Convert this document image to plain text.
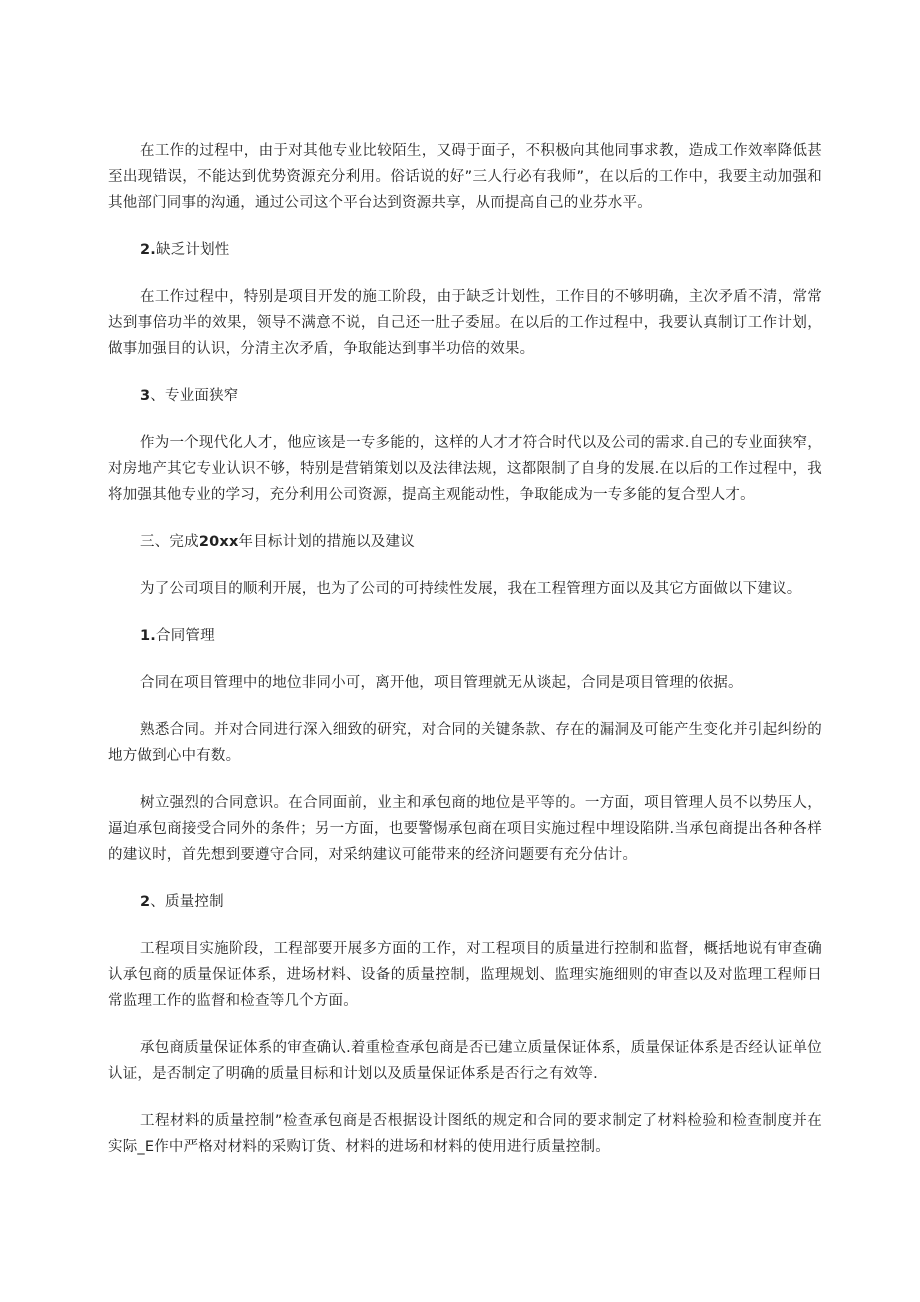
在工作的过程中，由于对其他专业比较陌生，又碍于面子，不积极向其他同事求教，造成工作效率降低甚至出现错误，不能达到优势资源充分利用。俗话说的好”三人行必有我师”，在以后的工作中，我要主动加强和其他部门同事的沟通，通过公司这个平台达到资源共享，从而提高自己的业芬水平。

2.缺乏计划性

在工作过程中，特别是项目开发的施工阶段，由于缺乏计划性，工作目的不够明确，主次矛盾不清，常常达到事倍功半的效果，领导不满意不说，自己还一肚子委屈。在以后的工作过程中，我要认真制订工作计划，做事加强目的认识，分清主次矛盾，争取能达到事半功倍的效果。

3、专业面狭窄

作为一个现代化人才，他应该是一专多能的，这样的人才才符合时代以及公司的需求.自己的专业面狭窄，对房地产其它专业认识不够，特别是营销策划以及法律法规，这都限制了自身的发展.在以后的工作过程中，我将加强其他专业的学习，充分利用公司资源，提高主观能动性，争取能成为一专多能的复合型人才。

三、完成20xx年目标计划的措施以及建议

为了公司项目的顺利开展，也为了公司的可持续性发展，我在工程管理方面以及其它方面做以下建议。

1.合同管理

合同在项目管理中的地位非同小可，离开他，项目管理就无从谈起，合同是项目管理的依据。

熟悉合同。并对合同进行深入细致的研究，对合同的关键条款、存在的漏洞及可能产生变化并引起纠纷的地方做到心中有数。

树立强烈的合同意识。在合同面前，业主和承包商的地位是平等的。一方面，项目管理人员不以势压人，逼迫承包商接受合同外的条件；另一方面，也要警惕承包商在项目实施过程中埋设陷阱.当承包商提出各种各样的建议时，首先想到要遵守合同，对采纳建议可能带来的经济问题要有充分估计。

2、质量控制

工程项目实施阶段，工程部要开展多方面的工作，对工程项目的质量进行控制和监督，概括地说有审查确认承包商的质量保证体系，进场材料、设备的质量控制，监理规划、监理实施细则的审查以及对监理工程师日常监理工作的监督和检查等几个方面。

承包商质量保证体系的审查确认.着重检查承包商是否已建立质量保证体系，质量保证体系是否经认证单位认证，是否制定了明确的质量目标和计划以及质量保证体系是否行之有效等.

工程材料的质量控制”检查承包商是否根据设计图纸的规定和合同的要求制定了材料检验和检查制度并在实际_E作中严格对材料的采购订货、材料的进场和材料的使用进行质量控制。
